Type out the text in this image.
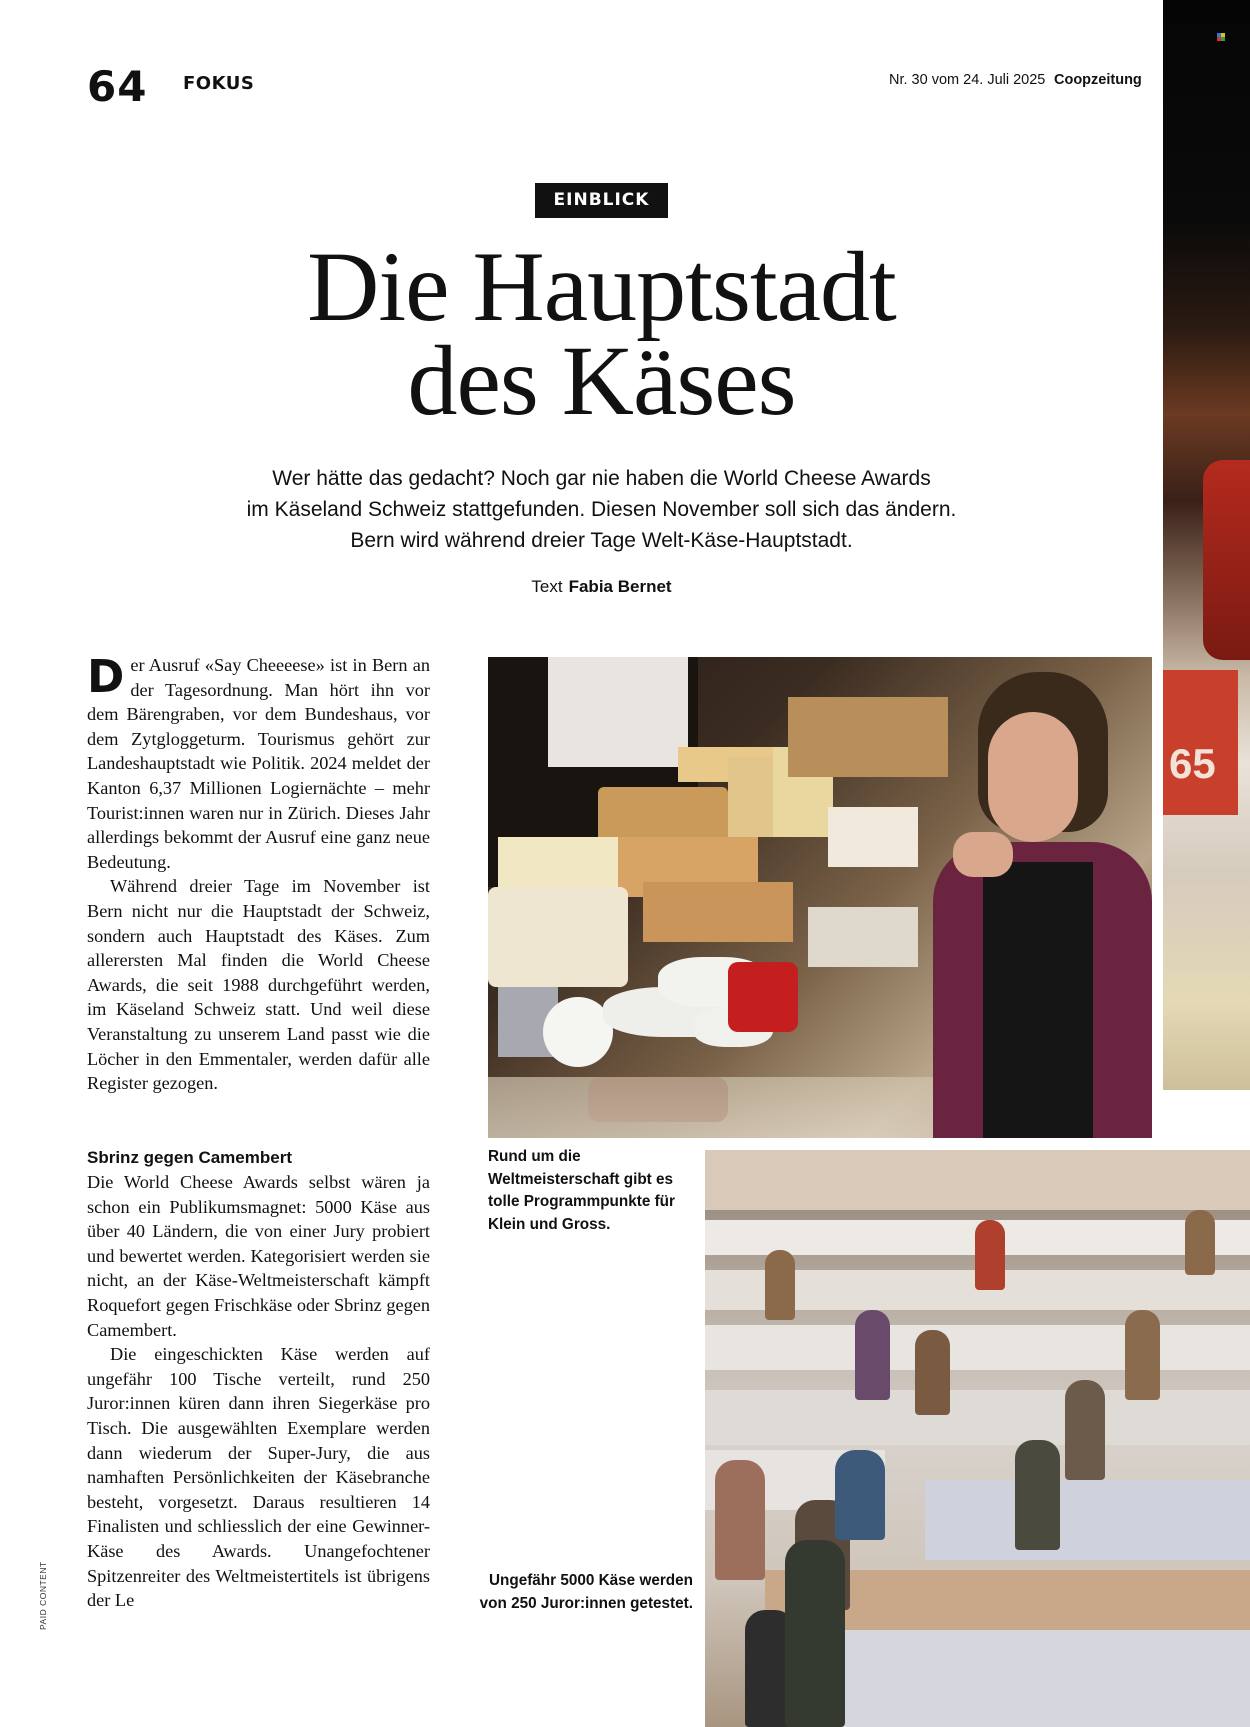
65
64 FOKUS	Nr. 30 vom 24. Juli 2025 Coopzeitung
EINBLICK
Die Hauptstadt
des Käses
Wer hätte das gedacht? Noch gar nie haben die World Cheese Awards
im Käseland Schweiz stattgefunden. Diesen November soll sich das ändern.
Bern wird während dreier Tage Welt-Käse-Hauptstadt.
Text Fabia Bernet

Der Ausruf «Say Cheeeese» ist in Bern an der Tagesordnung. Man hört ihn vor dem Bärengraben, vor dem Bundeshaus, vor dem Zytgloggeturm. Tourismus gehört zur Landeshauptstadt wie Politik. 2024 meldet der Kanton 6,37 Millionen Logiernächte – mehr Tourist:innen waren nur in Zürich. Dieses Jahr allerdings bekommt der Ausruf eine ganz neue Bedeutung.

Während dreier Tage im November ist Bern nicht nur die Hauptstadt der Schweiz, sondern auch Hauptstadt des Käses. Zum allerersten Mal finden die World Cheese Awards, die seit 1988 durchgeführt werden, im Käseland Schweiz statt. Und weil diese Veranstaltung zu unserem Land passt wie die Löcher in den Emmentaler, werden dafür alle Register gezogen.

Sbrinz gegen Camembert

Die World Cheese Awards selbst wären ja schon ein Publikumsmagnet: 5000 Käse aus über 40 Ländern, die von einer Jury probiert und bewertet werden. Kategorisiert werden sie nicht, an der Käse-Weltmeisterschaft kämpft Roquefort gegen Frischkäse oder Sbrinz gegen Camembert.

Die eingeschickten Käse werden auf ungefähr 100 Tische verteilt, rund 250 Juror:innen küren dann ihren Siegerkäse pro Tisch. Die ausgewählten Exemplare werden dann wiederum der Super-Jury, die aus namhaften Persönlichkeiten der Käsebranche besteht, vorgesetzt. Daraus resultieren 14 Finalisten und schliesslich der eine Gewinner-Käse des Awards. Unangefochtener Spitzenreiter des Weltmeistertitels ist übrigens der Le

Rund um die Weltmeisterschaft gibt es tolle Programmpunkte für Klein und Gross.
Ungefähr 5000 Käse werden von 250 Juror:innen getestet.
PAID CONTENT
